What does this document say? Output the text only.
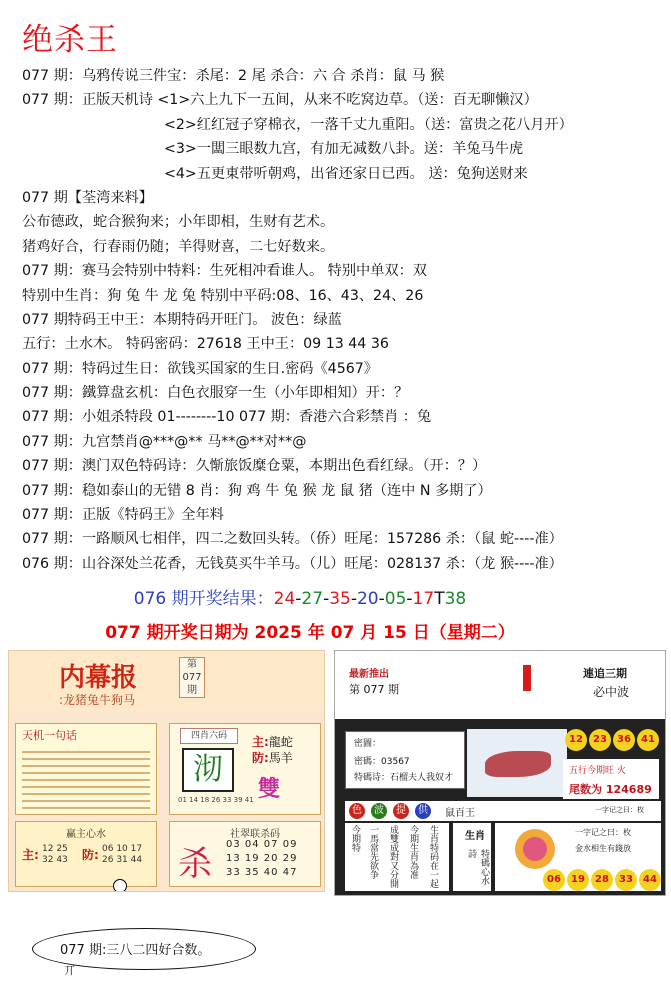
绝杀王
077 期：乌鸦传说三件宝：杀尾：2 尾 杀合：六 合 杀肖：鼠 马 猴
077 期：正版天机诗 <1>六上九下一五间，从来不吃窝边草。（送：百无聊懒汉）
<2>红红冠子穿棉衣，一落千丈九重阳。（送：富贵之花八月开）
<3>一闆三眼数九宫，有加无减数八卦。送：羊兔马牛虎
<4>五更東带听朝鸡，出省还家日已西。 送：兔狗送财来
077 期【荃湾来料】
公布德政，蛇合猴狗来；小年即相，生财有艺术。
猪鸡好合，行春雨仍随；羊得财喜，二七好数来。
077 期：赛马会特别中特料：生死相冲看谁人。 特别中单双：双
特别中生肖：狗 兔 牛 龙 兔 特别中平码:08、16、43、24、26
077 期特码王中王：本期特码开旺门。 波色：绿蓝
五行：土水木。 特码密码：27618 王中王：09 13 44 36
077 期：特码过生日：欲钱买国家的生日.密码《4567》
077 期：鐵算盘玄机：白色衣服穿一生（小年即相知）开：？
077 期：小姐杀特段 01--------10 077 期：香港六合彩禁肖 ：兔
077 期：九宫禁肖@***@** 马**@**对**@
077 期：澳门双色特码诗：久惭旅饭糜仓粟，本期出色看红绿。（开：？）
077 期：稳如泰山的无错 8 肖：狗 鸡 牛 兔 猴 龙 鼠 猪（连中 N 多期了）
077 期：正版《特码王》全年料
077 期：一路顺风七相伴，四二之数回头转。（侨）旺尾：157286 杀：（鼠 蛇----准）
076 期：山谷深处兰花香，无钱莫买牛羊马。（儿）旺尾：028137 杀：（龙 猴----准）
076 期开奖结果：24-27-35-20-05-17T38
077 期开奖日期为 2025 年 07 月 15 日（星期二）
内幕报
:龙猪兔牛狗马
第 077 期
天机一句话
赢主心水
主: 12 25 32 43	防: 06 10 17 26 31 44
四肖六码
沏
主:龍蛇
防:馬羊
雙
01 14 18 26 33 39 41
杀
社翠联杀码
03 04 07 09
13 19 20 29
33 35 40 47
最新推出
第 077 期
連追三期
必中波
密圖：
密碼：03567
特碼诗：石榴夫人我奴才
12	23	36	41
五行今期旺 火
尾数为 124689
鼠百王
色	波	提	供	一字记之曰：枚
今期特 一馬當先欲争 成雙成對又分開 今期生肖為准 生肖特码在一起	生肖
特碼心水詩
一字记之曰：枚
金水相生有錢放
06	19	28	33	44
077 期:三八二四好合数。
丌
